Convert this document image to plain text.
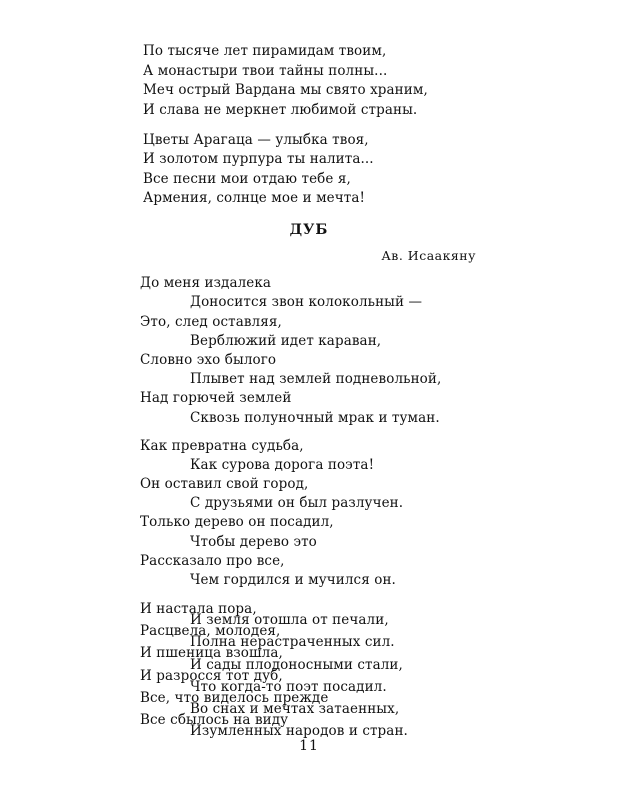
По тысяче лет пирамидам твоим,
А монастыри твои тайны полны...
Меч острый Вардана мы свято храним,
И слава не меркнет любимой страны.
Цветы Арагаца — улыбка твоя,
И золотом пурпура ты налита...
Все песни мои отдаю тебе я,
Армения, солнце мое и мечта!
ДУБ
Ав. Исаакяну
До меня издалека
Доносится звон колокольный —
Это, след оставляя,
Верблюжий идет караван,
Словно эхо былого
Плывет над землей подневольной,
Над горючей землей
Сквозь полуночный мрак и туман.
Как превратна судьба,
Как сурова дорога поэта!
Он оставил свой город,
С друзьями он был разлучен.
Только дерево он посадил,
Чтобы дерево это
Рассказало про все,
Чем гордился и мучился он.
И настала пора,
И земля отошла от печали,
Расцвела, молодея,
Полна нерастраченных сил.
И пшеница взошла,
И сады плодоносными стали,
И разросся тот дуб,
Что когда-то поэт посадил.
Все, что виделось прежде
Во снах и мечтах затаенных,
Все сбылось на виду
Изумленных народов и стран.
11
